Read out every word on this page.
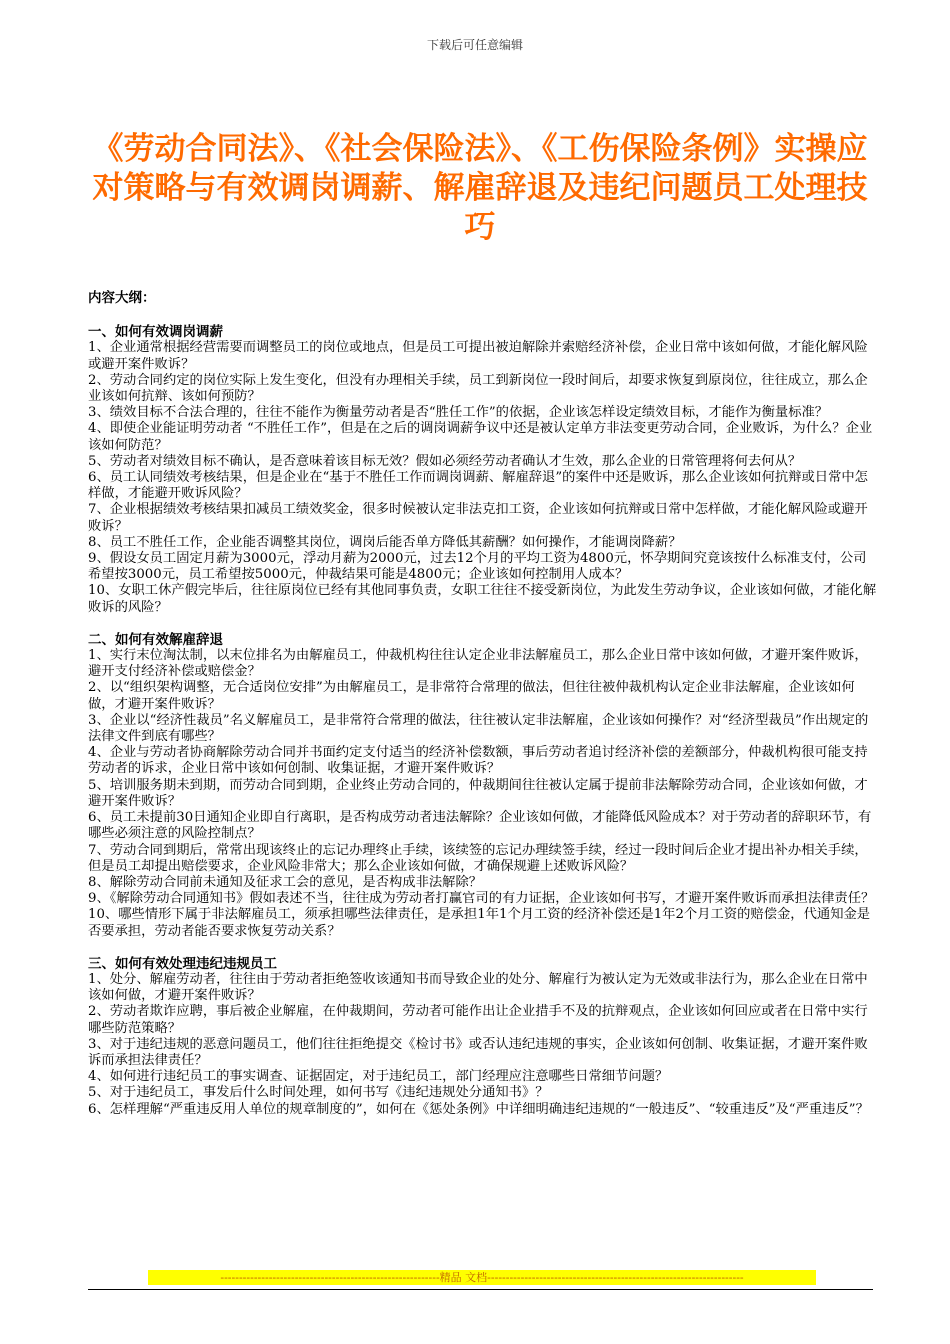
下载后可任意编辑
《劳动合同法》、《社会保险法》、《工伤保险条例》实操应对策略与有效调岗调薪、解雇辞退及违纪问题员工处理技巧
内容大纲：
一、如何有效调岗调薪

1、企业通常根据经营需要而调整员工的岗位或地点，但是员工可提出被迫解除并索赔经济补偿，企业日常中该如何做，才能化解风险或避开案件败诉？

2、劳动合同约定的岗位实际上发生变化，但没有办理相关手续，员工到新岗位一段时间后，却要求恢复到原岗位，往往成立，那么企业该如何抗辩、该如何预防？

3、绩效目标不合法合理的，往往不能作为衡量劳动者是否“胜任工作”的依据，企业该怎样设定绩效目标，才能作为衡量标准？

4、即使企业能证明劳动者 “不胜任工作”，但是在之后的调岗调薪争议中还是被认定单方非法变更劳动合同，企业败诉，为什么？企业该如何防范？

5、劳动者对绩效目标不确认，是否意味着该目标无效？假如必须经劳动者确认才生效，那么企业的日常管理将何去何从？

6、员工认同绩效考核结果，但是企业在“基于不胜任工作而调岗调薪、解雇辞退”的案件中还是败诉，那么企业该如何抗辩或日常中怎样做，才能避开败诉风险？

7、企业根据绩效考核结果扣减员工绩效奖金，很多时候被认定非法克扣工资，企业该如何抗辩或日常中怎样做，才能化解风险或避开败诉？

8、员工不胜任工作，企业能否调整其岗位，调岗后能否单方降低其薪酬？如何操作，才能调岗降薪？

9、假设女员工固定月薪为3000元，浮动月薪为2000元，过去12个月的平均工资为4800元，怀孕期间究竟该按什么标准支付，公司希望按3000元，员工希望按5000元，仲裁结果可能是4800元；企业该如何控制用人成本？

10、女职工休产假完毕后，往往原岗位已经有其他同事负责，女职工往往不接受新岗位，为此发生劳动争议，企业该如何做，才能化解败诉的风险？

二、如何有效解雇辞退

1、实行末位淘汰制，以末位排名为由解雇员工，仲裁机构往往认定企业非法解雇员工，那么企业日常中该如何做，才避开案件败诉，避开支付经济补偿或赔偿金？

2、以“组织架构调整，无合适岗位安排”为由解雇员工，是非常符合常理的做法，但往往被仲裁机构认定企业非法解雇，企业该如何做，才避开案件败诉？

3、企业以“经济性裁员”名义解雇员工，是非常符合常理的做法，往往被认定非法解雇，企业该如何操作？对“经济型裁员”作出规定的法律文件到底有哪些？

4、企业与劳动者协商解除劳动合同并书面约定支付适当的经济补偿数额，事后劳动者追讨经济补偿的差额部分，仲裁机构很可能支持劳动者的诉求，企业日常中该如何创制、收集证据，才避开案件败诉？

5、培训服务期未到期，而劳动合同到期，企业终止劳动合同的，仲裁期间往往被认定属于提前非法解除劳动合同，企业该如何做，才避开案件败诉？

6、员工未提前30日通知企业即自行离职，是否构成劳动者违法解除？企业该如何做，才能降低风险成本？对于劳动者的辞职环节，有哪些必须注意的风险控制点？

7、劳动合同到期后，常常出现该终止的忘记办理终止手续，该续签的忘记办理续签手续，经过一段时间后企业才提出补办相关手续，但是员工却提出赔偿要求，企业风险非常大；那么企业该如何做，才确保规避上述败诉风险？

8、解除劳动合同前未通知及征求工会的意见，是否构成非法解除？

9、《解除劳动合同通知书》假如表述不当，往往成为劳动者打赢官司的有力证据，企业该如何书写，才避开案件败诉而承担法律责任？

10、哪些情形下属于非法解雇员工，须承担哪些法律责任，是承担1年1个月工资的经济补偿还是1年2个月工资的赔偿金，代通知金是否要承担，劳动者能否要求恢复劳动关系？

三、如何有效处理违纪违规员工

1、处分、解雇劳动者，往往由于劳动者拒绝签收该通知书而导致企业的处分、解雇行为被认定为无效或非法行为，那么企业在日常中该如何做，才避开案件败诉？

2、劳动者欺诈应聘，事后被企业解雇，在仲裁期间，劳动者可能作出让企业措手不及的抗辩观点，企业该如何回应或者在日常中实行哪些防范策略？

3、对于违纪违规的恶意问题员工，他们往往拒绝提交《检讨书》或否认违纪违规的事实，企业该如何创制、收集证据，才避开案件败诉而承担法律责任？

4、如何进行违纪员工的事实调查、证据固定，对于违纪员工，部门经理应注意哪些日常细节问题？

5、对于违纪员工，事发后什么时间处理，如何书写《违纪违规处分通知书》？

6、怎样理解“严重违反用人单位的规章制度的”，如何在《惩处条例》中详细明确违纪违规的“一般违反”、“较重违反”及“严重违反”？

-----------------------------------------------------------精品 文档---------------------------------------------------------------------
